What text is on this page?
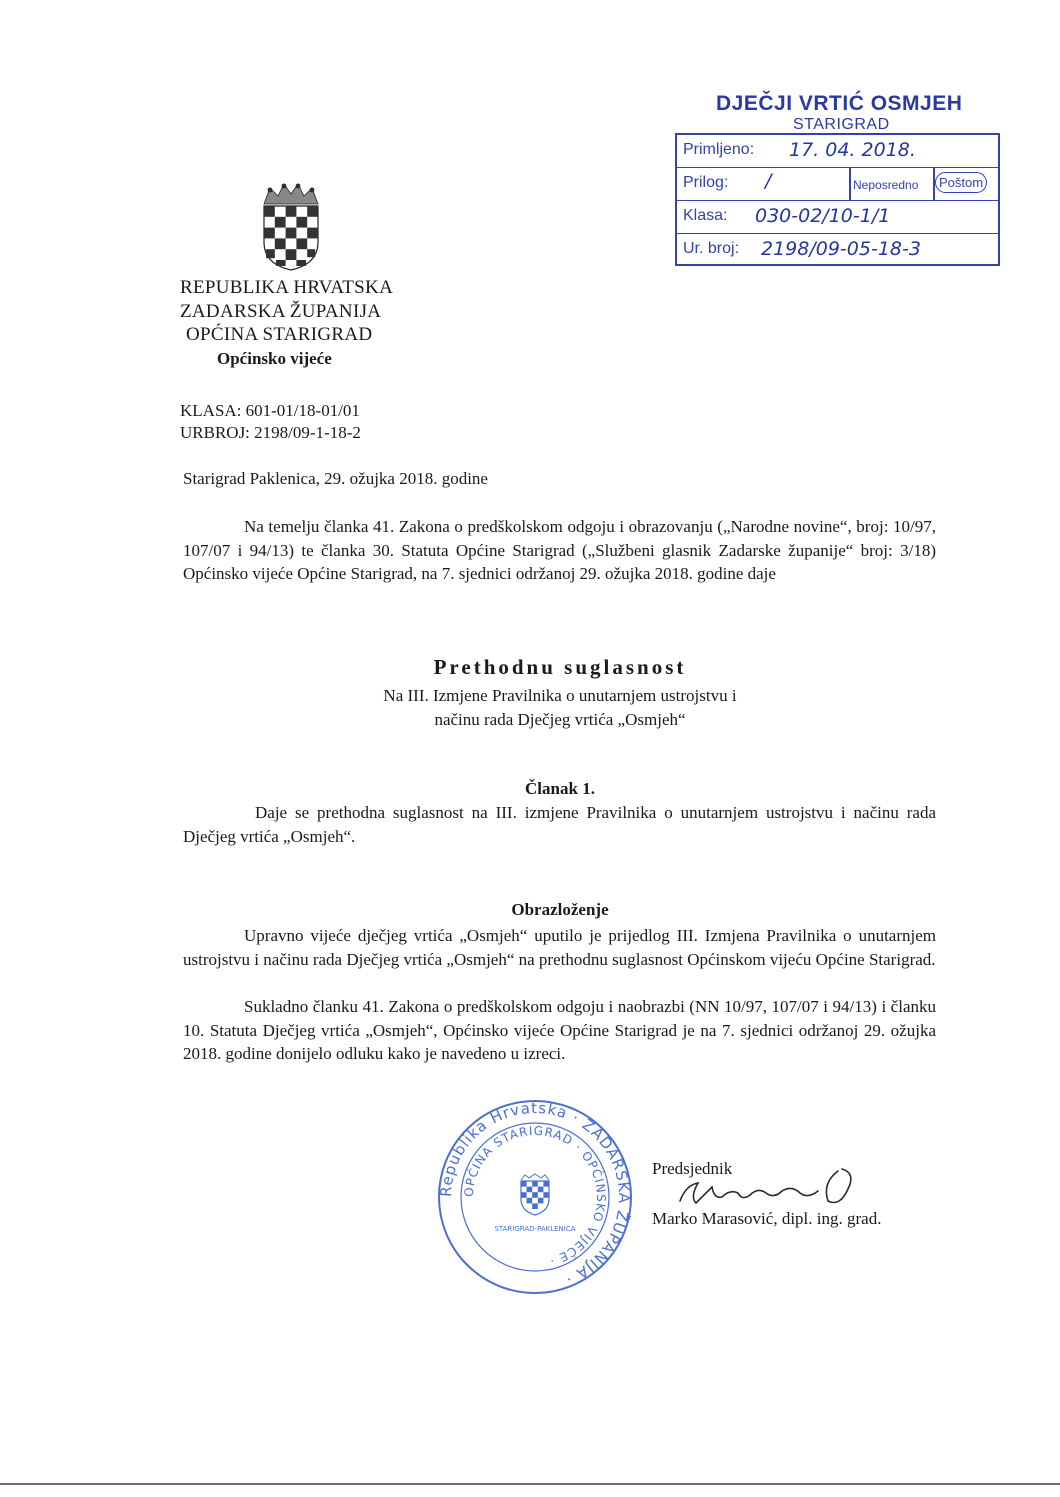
DJEČJI VRTIĆ OSMJEH
STARIGRAD
Primljeno: 17. 04. 2018.
Prilog: /	Neposredno	Poštom
Klasa: 030-02/10-1/1
Ur. broj: 2198/09-05-18-3
REPUBLIKA HRVATSKA
ZADARSKA ŽUPANIJA
OPĆINA STARIGRAD
Općinsko vijeće
KLASA: 601-01/18-01/01
URBROJ: 2198/09-1-18-2
Starigrad Paklenica, 29. ožujka 2018. godine
Na temelju članka 41. Zakona o predškolskom odgoju i obrazovanju („Narodne novine“, broj: 10/97, 107/07 i 94/13) te članka 30. Statuta Općine Starigrad („Službeni glasnik Zadarske županije“ broj: 3/18) Općinsko vijeće Općine Starigrad, na 7. sjednici održanoj 29. ožujka 2018. godine daje
Prethodnu suglasnost
Na III. Izmjene Pravilnika o unutarnjem ustrojstvu i
načinu rada Dječjeg vrtića „Osmjeh“
Članak 1.
Daje se prethodna suglasnost na III. izmjene Pravilnika o unutarnjem ustrojstvu i načinu rada Dječjeg vrtića „Osmjeh“.
Obrazloženje
Upravno vijeće dječjeg vrtića „Osmjeh“ uputilo je prijedlog III. Izmjena Pravilnika o unutarnjem ustrojstvu i načinu rada Dječjeg vrtića „Osmjeh“ na prethodnu suglasnost Općinskom vijeću Općine Starigrad.
Sukladno članku 41. Zakona o predškolskom odgoju i naobrazbi (NN 10/97, 107/07 i 94/13) i članku 10. Statuta Dječjeg vrtića „Osmjeh“, Općinsko vijeće Općine Starigrad je na 7. sjednici održanoj 29. ožujka 2018. godine donijelo odluku kako je navedeno u izreci.
Republika Hrvatska · ZADARSKA ŽUPANIJA ·
OPĆINA STARIGRAD · OPĆINSKO VIJEĆE ·
STARIGRAD-PAKLENICA
Predsjednik
Marko Marasović, dipl. ing. grad.
